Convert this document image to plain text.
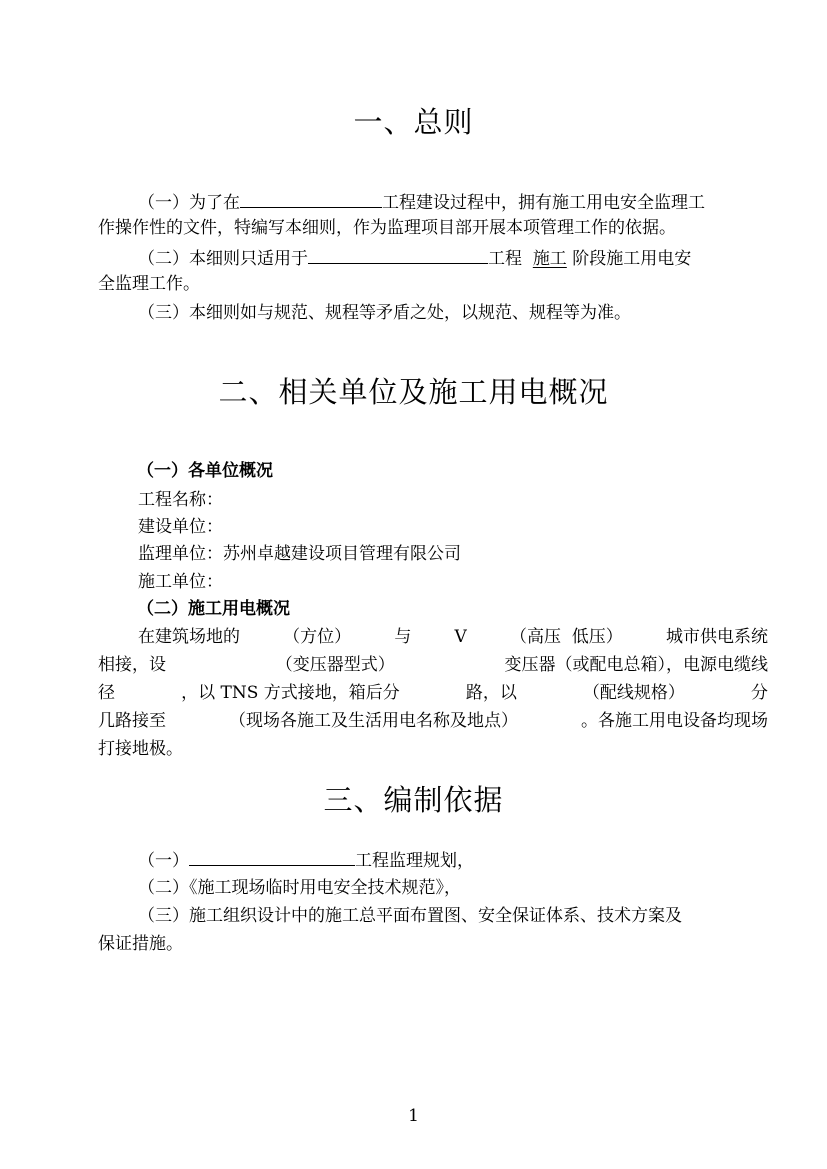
一、总则
（一）为了在	工程建设过程中，拥有施工用电安全监理工
作操作性的文件，特编写本细则，作为监理项目部开展本项管理工作的依据。
（二）本细则只适用于	工程  施工 阶段施工用电安
全监理工作。
（三）本细则如与规范、规程等矛盾之处，以规范、规程等为准。
二、相关单位及施工用电概况
（一）各单位概况
工程名称：
建设单位：
监理单位：苏州卓越建设项目管理有限公司
施工单位：
（二）施工用电概况
在建筑场地的	（方位）	与	V	（高压  低压）	城市供电系统
相接，设	（变压器型式）	变压器（或配电总箱），电源电缆线
径	，以 TNS 方式接地，箱后分	路，以	（配线规格）	分
几路接至	（现场各施工及生活用电名称及地点）	。各施工用电设备均现场
打接地极。
三、编制依据
（一）	工程监理规划，
（二）《施工现场临时用电安全技术规范》，
（三）施工组织设计中的施工总平面布置图、安全保证体系、技术方案及
保证措施。
1
